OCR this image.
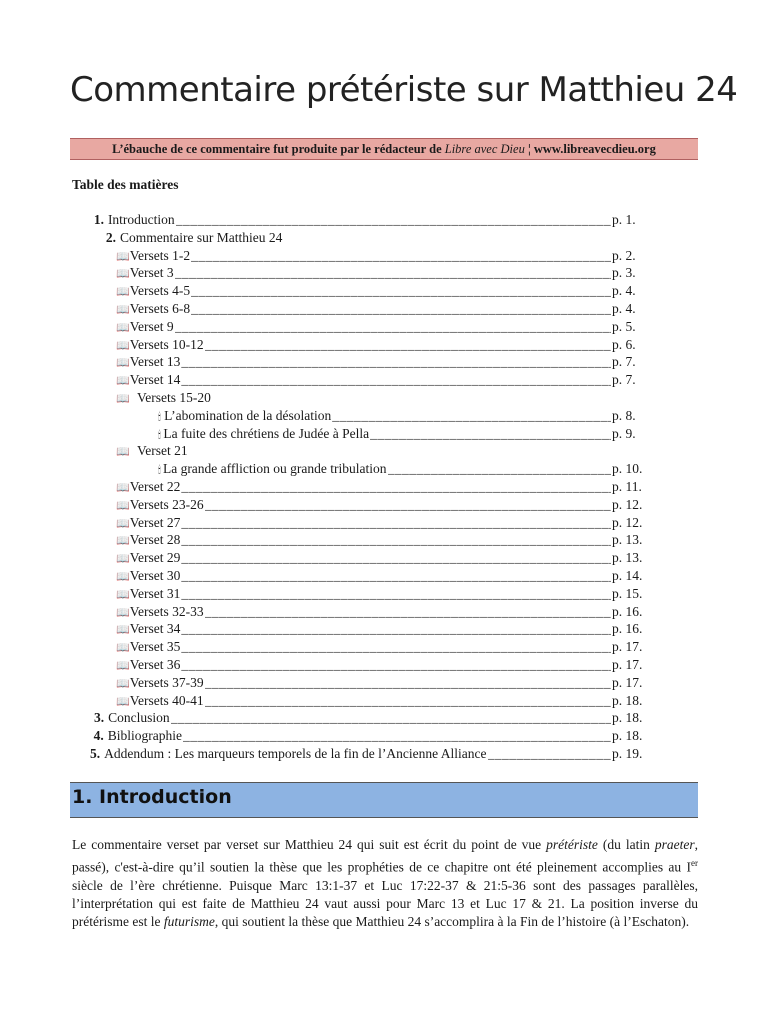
Commentaire prétériste sur Matthieu 24
L’ébauche de ce commentaire fut produite par le rédacteur de Libre avec Dieu ¦ www.libreavecdieu.org
Table des matières
1. Introduction _____	p. 1.
2. Commentaire sur Matthieu 24
📖 Versets 1-2 _____	p. 2.
📖 Verset 3 _____	p. 3.
📖 Versets 4-5 _____	p. 4.
📖 Versets 6-8 _____	p. 4.
📖 Verset 9 _____	p. 5.
📖 Versets 10-12 _____	p. 6.
📖 Verset 13 _____	p. 7.
📖 Verset 14 _____	p. 7.
📖 Versets 15-20
🕯 L’abomination de la désolation _____	p. 8.
🕯 La fuite des chrétiens de Judée à Pella _____	p. 9.
📖 Verset 21
🕯 La grande affliction ou grande tribulation _____	p. 10.
📖 Verset 22 _____	p. 11.
📖 Versets 23-26 _____	p. 12.
📖 Verset 27 _____	p. 12.
📖 Verset 28 _____	p. 13.
📖 Verset 29 _____	p. 13.
📖 Verset 30 _____	p. 14.
📖 Verset 31 _____	p. 15.
📖 Versets 32-33 _____	p. 16.
📖 Verset 34 _____	p. 16.
📖 Verset 35 _____	p. 17.
📖 Verset 36 _____	p. 17.
📖 Versets 37-39 _____	p. 17.
📖 Versets 40-41 _____	p. 18.
3. Conclusion _____	p. 18.
4. Bibliographie _____	p. 18.
5. Addendum : Les marqueurs temporels de la fin de l’Ancienne Alliance _____	p. 19.
1. Introduction

Le commentaire verset par verset sur Matthieu 24 qui suit est écrit du point de vue prétériste (du latin praeter, passé), c'est-à-dire qu’il soutien la thèse que les prophéties de ce chapitre ont été pleinement accomplies au Ier siècle de l’ère chrétienne. Puisque Marc 13:1-37 et Luc 17:22-37 & 21:5-36 sont des passages parallèles, l’interprétation qui est faite de Matthieu 24 vaut aussi pour Marc 13 et Luc 17 & 21. La position inverse du prétérisme est le futurisme, qui soutient la thèse que Matthieu 24 s’accomplira à la Fin de l’histoire (à l’Eschaton).
